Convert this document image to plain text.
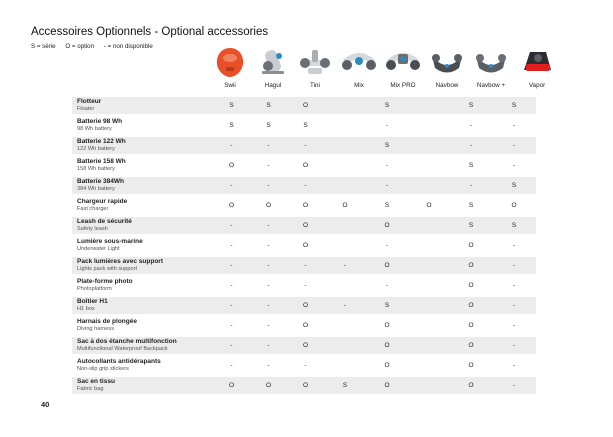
Accessoires Optionnels - Optional accessories
S = série O = option - = non disponible
Swii	Hagul	Tini	Mix	Mix PRO	Navbow	Navbow +	Vapor
Flotteur
Floater	S	S	O		S		S	S

Batterie 98 Wh
98 Wh battery	S	S	S		-		-	-

Batterie 122 Wh
122 Wh battery	-	-	-		S		-	-

Batterie 158 Wh
158 Wh battery	O	-	O		-		S	-

Batterie 384Wh
384 Wh battery	-	-	-		-		-	S

Chargeur rapide
Fast charger	O	O	O	O	S	O	S	O

Leash de sécurité
Safety leash	-	-	O		O		S	S

Lumière sous-marine
Underwater Light	-	-	O		-		O	-

Pack lumières avec support
Lights pack with support	-	-	-	-	O		O	-

Plate-forme photo
Photoplatform	-	-	-		-		O	-

Boîtier H1
H1 box	-	-	O	-	S		O	-

Harnais de plongée
Diving harness	-	-	O		O		O	-

Sac à dos étanche multifonction
Multifunctional Waterproof Backpack	-	-	O		O		O	-

Autocollants antidérapants
Non-slip grip stickers	-	-	-		O		O	-

Sac en tissu
Fabric bag	O	O	O	S	O		O	-
40
